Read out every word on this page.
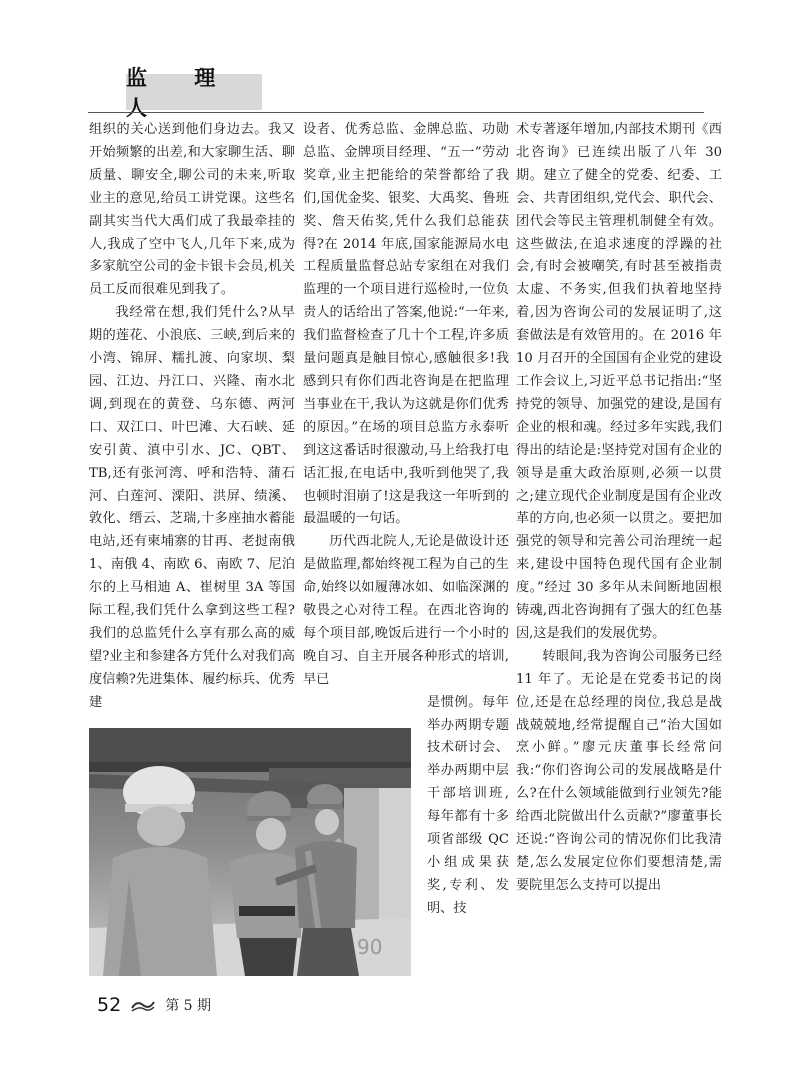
监 理 人

组织的关心送到他们身边去。我又开始频繁的出差,和大家聊生活、聊质量、聊安全,聊公司的未来,听取业主的意见,给员工讲党课。这些名副其实当代大禹们成了我最牵挂的人,我成了空中飞人,几年下来,成为多家航空公司的金卡银卡会员,机关员工反而很难见到我了。

我经常在想,我们凭什么?从早期的莲花、小浪底、三峡,到后来的小湾、锦屏、糯扎渡、向家坝、梨园、江边、丹江口、兴隆、南水北调,到现在的黄登、乌东德、两河口、双江口、叶巴滩、大石峡、延安引黄、滇中引水、JC、QBT、TB,还有张河湾、呼和浩特、蒲石河、白莲河、溧阳、洪屏、绩溪、敦化、缙云、芝瑞,十多座抽水蓄能电站,还有柬埔寨的甘再、老挝南俄 1、南俄 4、南欧 6、南欧 7、尼泊尔的上马相迪 A、崔树里 3A 等国际工程,我们凭什么拿到这些工程?我们的总监凭什么享有那么高的威望?业主和参建各方凭什么对我们高度信赖?先进集体、履约标兵、优秀建

设者、优秀总监、金牌总监、功勋总监、金牌项目经理、“五一”劳动奖章,业主把能给的荣誉都给了我们,国优金奖、银奖、大禹奖、鲁班奖、詹天佑奖,凭什么我们总能获得?在 2014 年底,国家能源局水电工程质量监督总站专家组在对我们监理的一个项目进行巡检时,一位负责人的话给出了答案,他说:“一年来,我们监督检查了几十个工程,许多质量问题真是触目惊心,感触很多!我感到只有你们西北咨询是在把监理当事业在干,我认为这就是你们优秀的原因。”在场的项目总监方永泰听到这这番话时很激动,马上给我打电话汇报,在电话中,我听到他哭了,我也顿时泪崩了!这是我这一年听到的最温暖的一句话。

历代西北院人,无论是做设计还是做监理,都始终视工程为自己的生命,始终以如履薄冰如、如临深渊的敬畏之心对待工程。在西北咨询的每个项目部,晚饭后进行一个小时的晚自习、自主开展各种形式的培训,早已

是惯例。每年举办两期专题技术研讨会、举办两期中层干部培训班,每年都有十多项省部级 QC 小组成果获奖,专利、发明、技

术专著逐年增加,内部技术期刊《西北咨询》已连续出版了八年 30 期。建立了健全的党委、纪委、工会、共青团组织,党代会、职代会、团代会等民主管理机制健全有效。这些做法,在追求速度的浮躁的社会,有时会被嘲笑,有时甚至被指责太虚、不务实,但我们执着地坚持着,因为咨询公司的发展证明了,这套做法是有效管用的。在 2016 年 10 月召开的全国国有企业党的建设工作会议上,习近平总书记指出:“坚持党的领导、加强党的建设,是国有企业的根和魂。经过多年实践,我们得出的结论是:坚持党对国有企业的领导是重大政治原则,必须一以贯之;建立现代企业制度是国有企业改革的方向,也必须一以贯之。要把加强党的领导和完善公司治理统一起来,建设中国特色现代国有企业制度。”经过 30 多年从未间断地固根铸魂,西北咨询拥有了强大的红色基因,这是我们的发展优势。

转眼间,我为咨询公司服务已经 11 年了。无论是在党委书记的岗位,还是在总经理的岗位,我总是战战兢兢地,经常提醒自己“治大国如烹小鲜。”廖元庆董事长经常问我:“你们咨询公司的发展战略是什么?在什么领域能做到行业领先?能给西北院做出什么贡献?”廖董事长还说:“咨询公司的情况你们比我清楚,怎么发展定位你们要想清楚,需要院里怎么支持可以提出

90
52	第 5 期
